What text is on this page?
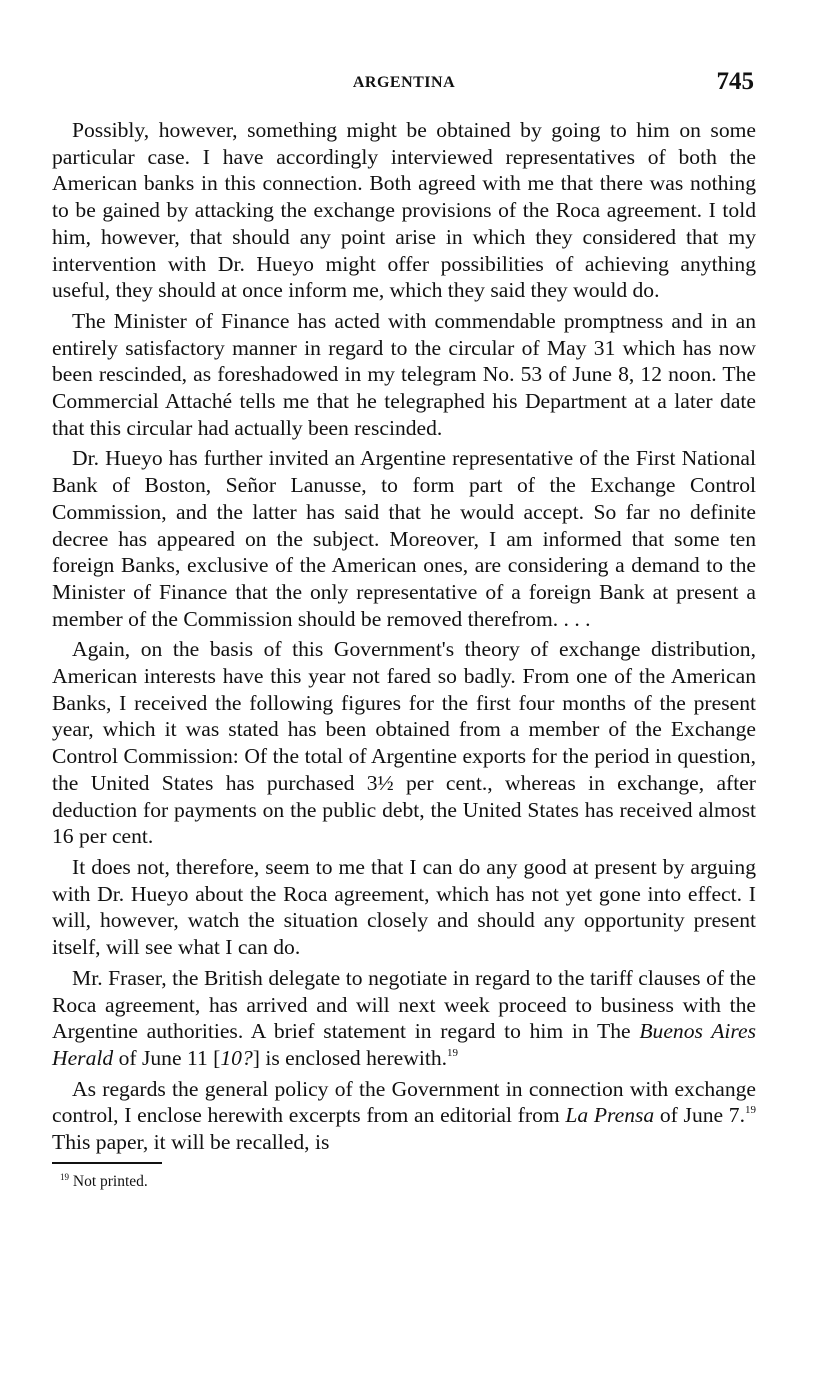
ARGENTINA	745

Possibly, however, something might be obtained by going to him on some particular case. I have accordingly interviewed representatives of both the American banks in this connection. Both agreed with me that there was nothing to be gained by attacking the exchange provisions of the Roca agreement. I told him, however, that should any point arise in which they considered that my intervention with Dr. Hueyo might offer possibilities of achieving anything useful, they should at once inform me, which they said they would do.

The Minister of Finance has acted with commendable promptness and in an entirely satisfactory manner in regard to the circular of May 31 which has now been rescinded, as foreshadowed in my telegram No. 53 of June 8, 12 noon. The Commercial Attaché tells me that he telegraphed his Department at a later date that this circular had actually been rescinded.

Dr. Hueyo has further invited an Argentine representative of the First National Bank of Boston, Señor Lanusse, to form part of the Exchange Control Commission, and the latter has said that he would accept. So far no definite decree has appeared on the subject. Moreover, I am informed that some ten foreign Banks, exclusive of the American ones, are considering a demand to the Minister of Finance that the only representative of a foreign Bank at present a member of the Commission should be removed therefrom. . . .

Again, on the basis of this Government's theory of exchange distribution, American interests have this year not fared so badly. From one of the American Banks, I received the following figures for the first four months of the present year, which it was stated has been obtained from a member of the Exchange Control Commission: Of the total of Argentine exports for the period in question, the United States has purchased 3½ per cent., whereas in exchange, after deduction for payments on the public debt, the United States has received almost 16 per cent.

It does not, therefore, seem to me that I can do any good at present by arguing with Dr. Hueyo about the Roca agreement, which has not yet gone into effect. I will, however, watch the situation closely and should any opportunity present itself, will see what I can do.

Mr. Fraser, the British delegate to negotiate in regard to the tariff clauses of the Roca agreement, has arrived and will next week proceed to business with the Argentine authorities. A brief statement in regard to him in The Buenos Aires Herald of June 11 [10?] is enclosed herewith.$^{19}$

As regards the general policy of the Government in connection with exchange control, I enclose herewith excerpts from an editorial from La Prensa of June 7.19 This paper, it will be recalled, is

$^{19}$ Not printed.
